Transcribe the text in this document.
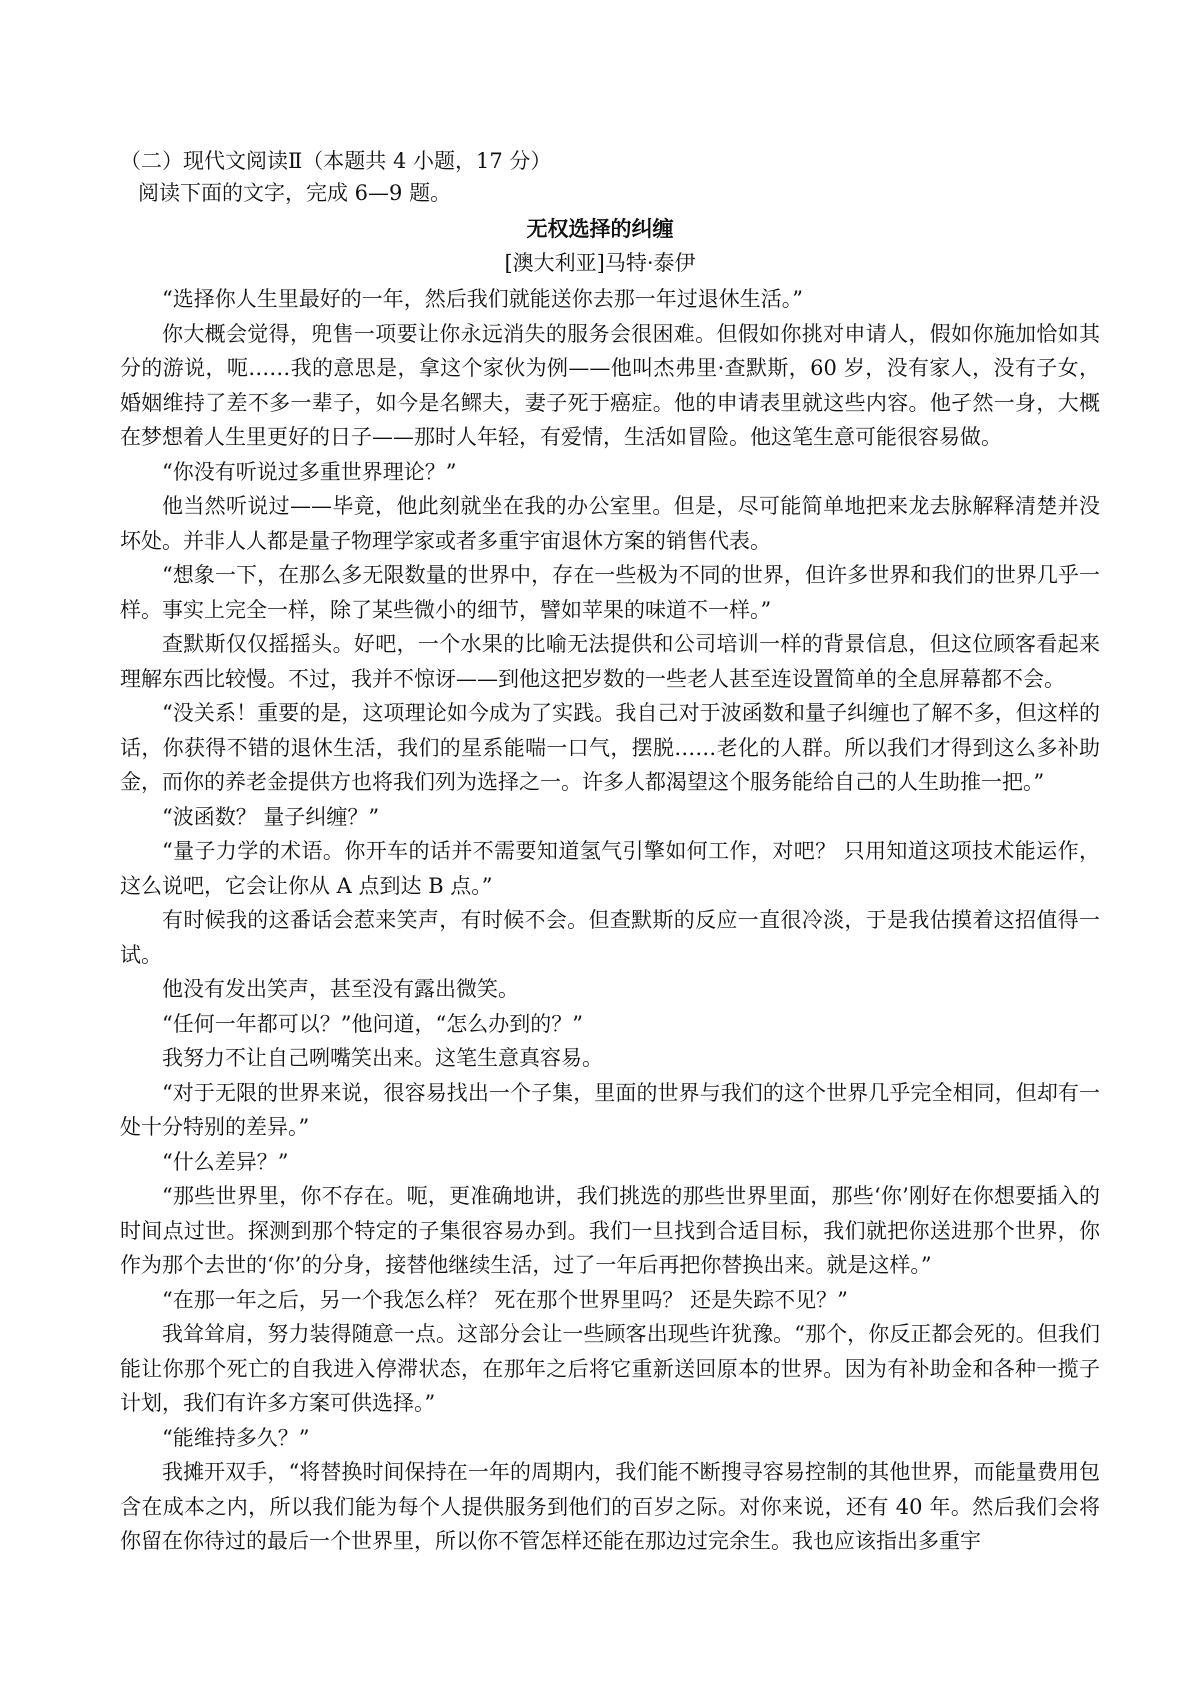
（二）现代文阅读Ⅱ（本题共 4 小题，17 分）
阅读下面的文字，完成 6—9 题。
无权选择的纠缠
[澳大利亚]马特·泰伊

“选择你人生里最好的一年，然后我们就能送你去那一年过退休生活。”

你大概会觉得，兜售一项要让你永远消失的服务会很困难。但假如你挑对申请人，假如你施加恰如其分的游说，呃……我的意思是，拿这个家伙为例——他叫杰弗里·查默斯，60 岁，没有家人，没有子女，婚姻维持了差不多一辈子，如今是名鳏夫，妻子死于癌症。他的申请表里就这些内容。他孑然一身，大概在梦想着人生里更好的日子——那时人年轻，有爱情，生活如冒险。他这笔生意可能很容易做。

“你没有听说过多重世界理论？”

他当然听说过——毕竟，他此刻就坐在我的办公室里。但是，尽可能简单地把来龙去脉解释清楚并没坏处。并非人人都是量子物理学家或者多重宇宙退休方案的销售代表。

“想象一下，在那么多无限数量的世界中，存在一些极为不同的世界，但许多世界和我们的世界几乎一样。事实上完全一样，除了某些微小的细节，譬如苹果的味道不一样。”

查默斯仅仅摇摇头。好吧，一个水果的比喻无法提供和公司培训一样的背景信息，但这位顾客看起来理解东西比较慢。不过，我并不惊讶——到他这把岁数的一些老人甚至连设置简单的全息屏幕都不会。

“没关系！重要的是，这项理论如今成为了实践。我自己对于波函数和量子纠缠也了解不多，但这样的话，你获得不错的退休生活，我们的星系能喘一口气，摆脱……老化的人群。所以我们才得到这么多补助金，而你的养老金提供方也将我们列为选择之一。许多人都渴望这个服务能给自己的人生助推一把。”

“波函数？ 量子纠缠？”

“量子力学的术语。你开车的话并不需要知道氢气引擎如何工作，对吧？ 只用知道这项技术能运作，这么说吧，它会让你从 A 点到达 B 点。”

有时候我的这番话会惹来笑声，有时候不会。但查默斯的反应一直很冷淡，于是我估摸着这招值得一试。

他没有发出笑声，甚至没有露出微笑。

“任何一年都可以？”他问道，“怎么办到的？”

我努力不让自己咧嘴笑出来。这笔生意真容易。

“对于无限的世界来说，很容易找出一个子集，里面的世界与我们的这个世界几乎完全相同，但却有一处十分特别的差异。”

“什么差异？”

“那些世界里，你不存在。呃，更准确地讲，我们挑选的那些世界里面，那些‘你’刚好在你想要插入的时间点过世。探测到那个特定的子集很容易办到。我们一旦找到合适目标，我们就把你送进那个世界，你作为那个去世的‘你’的分身，接替他继续生活，过了一年后再把你替换出来。就是这样。”

“在那一年之后，另一个我怎么样？ 死在那个世界里吗？ 还是失踪不见？”

我耸耸肩，努力装得随意一点。这部分会让一些顾客出现些许犹豫。“那个，你反正都会死的。但我们能让你那个死亡的自我进入停滞状态，在那年之后将它重新送回原本的世界。因为有补助金和各种一揽子计划，我们有许多方案可供选择。”

“能维持多久？”

我摊开双手，“将替换时间保持在一年的周期内，我们能不断搜寻容易控制的其他世界，而能量费用包含在成本之内，所以我们能为每个人提供服务到他们的百岁之际。对你来说，还有 40 年。然后我们会将你留在你待过的最后一个世界里，所以你不管怎样还能在那边过完余生。我也应该指出多重宇
